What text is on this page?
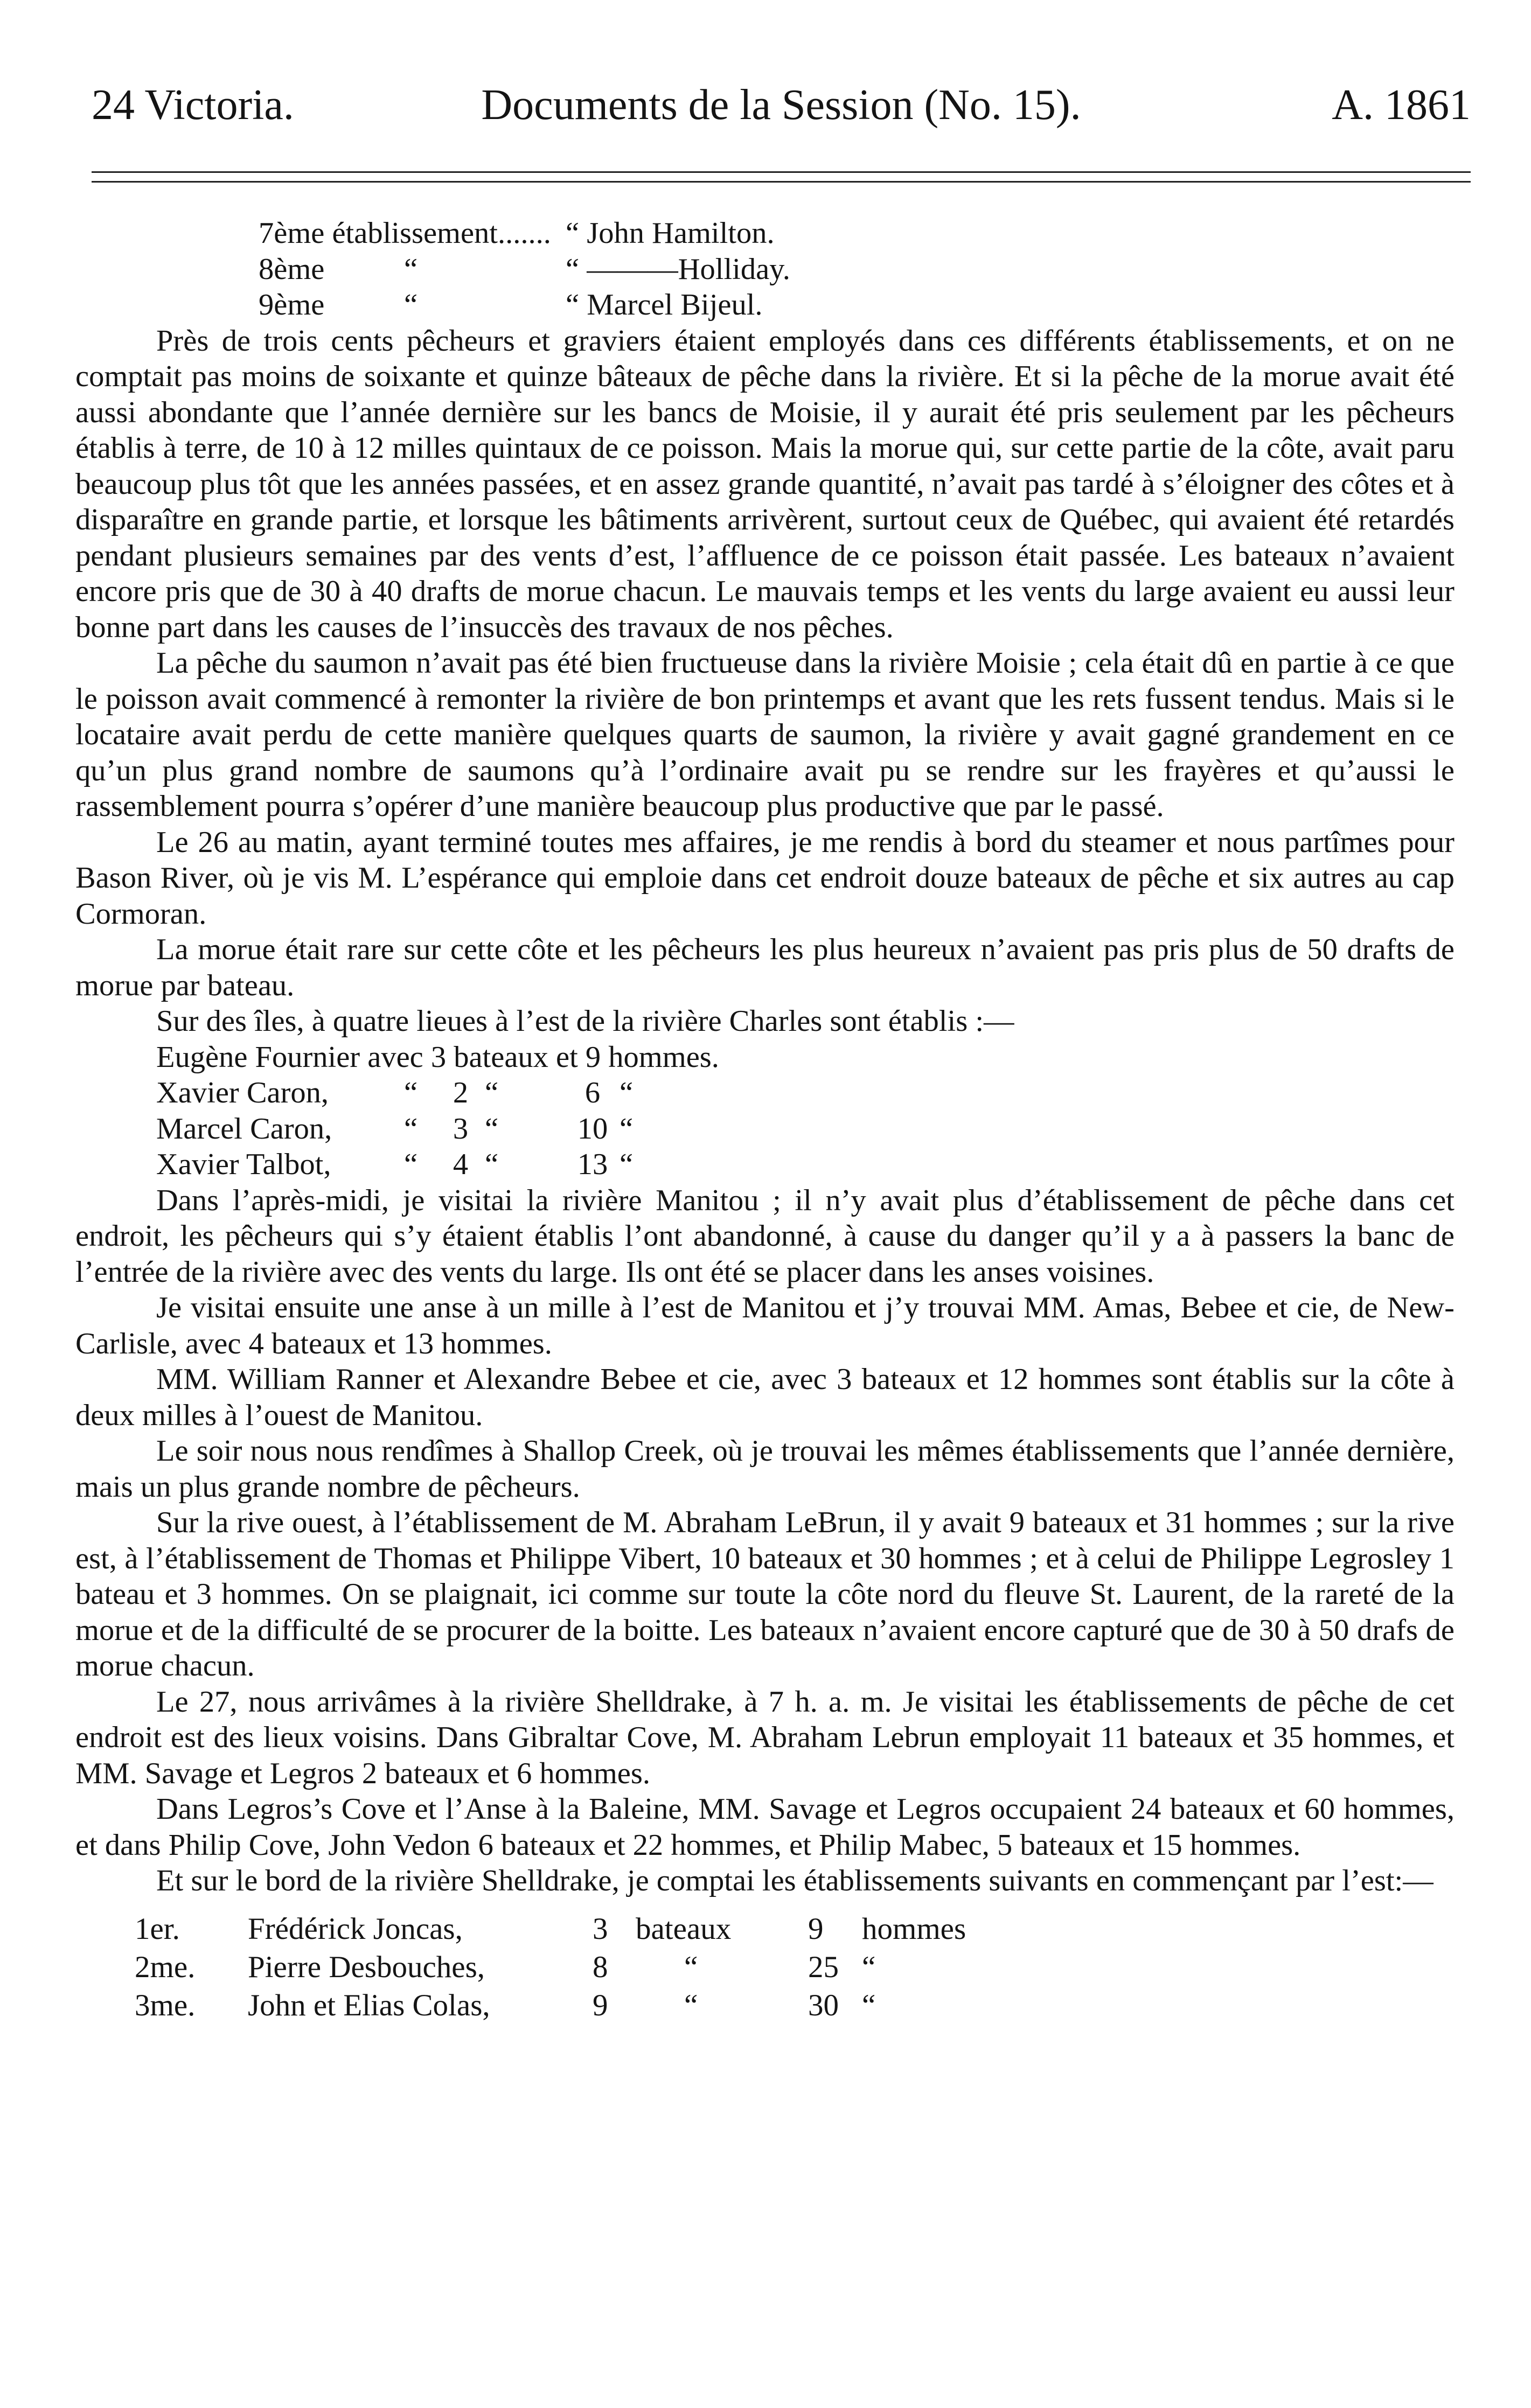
24 Victoria.	Documents de la Session (No. 15).	A. 1861
7ème établissement....... “ John Hamilton.
8ème	“	“ ———Holliday.
9ème	“	“ Marcel Bijeul.

Près de trois cents pêcheurs et graviers étaient employés dans ces différents établissements, et on ne comptait pas moins de soixante et quinze bâteaux de pêche dans la rivière. Et si la pêche de la morue avait été aussi abondante que l’année dernière sur les bancs de Moisie, il y aurait été pris seulement par les pêcheurs établis à terre, de 10 à 12 milles quintaux de ce poisson. Mais la morue qui, sur cette partie de la côte, avait paru beaucoup plus tôt que les années passées, et en assez grande quantité, n’avait pas tardé à s’éloigner des côtes et à disparaître en grande partie, et lorsque les bâtiments arrivèrent, surtout ceux de Québec, qui avaient été retardés pendant plusieurs semaines par des vents d’est, l’affluence de ce poisson était passée. Les bateaux n’avaient encore pris que de 30 à 40 drafts de morue chacun. Le mauvais temps et les vents du large avaient eu aussi leur bonne part dans les causes de l’insuccès des travaux de nos pêches.

La pêche du saumon n’avait pas été bien fructueuse dans la rivière Moisie ; cela était dû en partie à ce que le poisson avait commencé à remonter la rivière de bon printemps et avant que les rets fussent tendus. Mais si le locataire avait perdu de cette manière quelques quarts de saumon, la rivière y avait gagné grandement en ce qu’un plus grand nombre de saumons qu’à l’ordinaire avait pu se rendre sur les frayères et qu’aussi le rassemblement pourra s’opérer d’une manière beaucoup plus productive que par le passé.

Le 26 au matin, ayant terminé toutes mes affaires, je me rendis à bord du steamer et nous partîmes pour Bason River, où je vis M. L’espérance qui emploie dans cet endroit douze bateaux de pêche et six autres au cap Cormoran.

La morue était rare sur cette côte et les pêcheurs les plus heureux n’avaient pas pris plus de 50 drafts de morue par bateau.

Sur des îles, à quatre lieues à l’est de la rivière Charles sont établis :—

Eugène Fournier avec 3 bateaux et 9 hommes.
Xavier Caron, “ 2 “	6 “
Marcel Caron, “ 3 “	10 “
Xavier Talbot, “ 4 “	13 “

Dans l’après-midi, je visitai la rivière Manitou ; il n’y avait plus d’établissement de pêche dans cet endroit, les pêcheurs qui s’y étaient établis l’ont abandonné, à cause du danger qu’il y a à passers la banc de l’entrée de la rivière avec des vents du large. Ils ont été se placer dans les anses voisines.

Je visitai ensuite une anse à un mille à l’est de Manitou et j’y trouvai MM. Amas, Bebee et cie, de New-Carlisle, avec 4 bateaux et 13 hommes.

MM. William Ranner et Alexandre Bebee et cie, avec 3 bateaux et 12 hommes sont établis sur la côte à deux milles à l’ouest de Manitou.

Le soir nous nous rendîmes à Shallop Creek, où je trouvai les mêmes établissements que l’année dernière, mais un plus grande nombre de pêcheurs.

Sur la rive ouest, à l’établissement de M. Abraham LeBrun, il y avait 9 bateaux et 31 hommes ; sur la rive est, à l’établissement de Thomas et Philippe Vibert, 10 bateaux et 30 hommes ; et à celui de Philippe Legrosley 1 bateau et 3 hommes. On se plaignait, ici comme sur toute la côte nord du fleuve St. Laurent, de la rareté de la morue et de la difficulté de se procurer de la boitte. Les bateaux n’avaient encore capturé que de 30 à 50 drafs de morue chacun.

Le 27, nous arrivâmes à la rivière Shelldrake, à 7 h. a. m. Je visitai les établissements de pêche de cet endroit est des lieux voisins. Dans Gibraltar Cove, M. Abraham Lebrun employait 11 bateaux et 35 hommes, et MM. Savage et Legros 2 bateaux et 6 hommes.

Dans Legros’s Cove et l’Anse à la Baleine, MM. Savage et Legros occupaient 24 bateaux et 60 hommes, et dans Philip Cove, John Vedon 6 bateaux et 22 hommes, et Philip Mabec, 5 bateaux et 15 hommes.

Et sur le bord de la rivière Shelldrake, je comptai les établissements suivants en commençant par l’est:—

1er. Frédérick Joncas,	3 bateaux	9 hommes
2me. Pierre Desbouches,	8 “	25 “
3me. John et Elias Colas,	9 “	30 “
